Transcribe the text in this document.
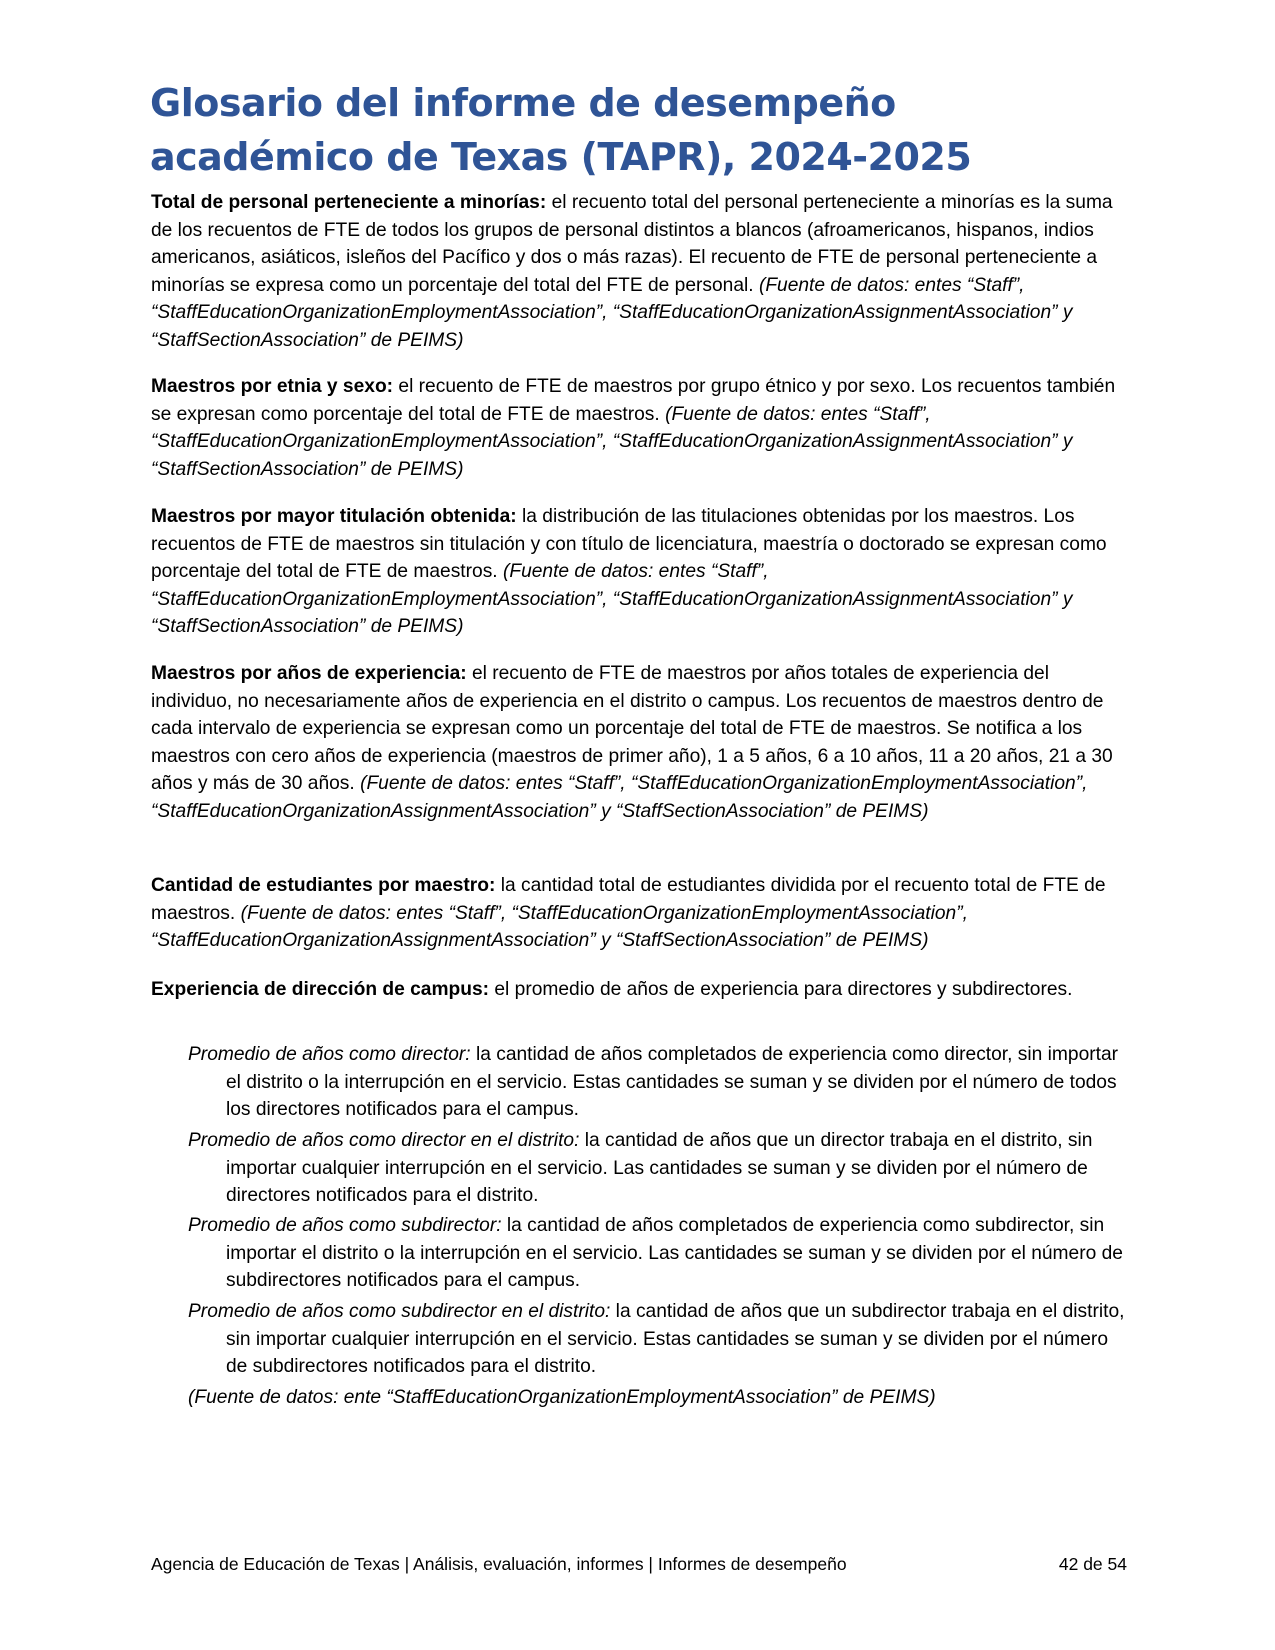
Glosario del informe de desempeño académico de Texas (TAPR), 2024-2025

Total de personal perteneciente a minorías: el recuento total del personal perteneciente a minorías es la suma de los recuentos de FTE de todos los grupos de personal distintos a blancos (afroamericanos, hispanos, indios americanos, asiáticos, isleños del Pacífico y dos o más razas). El recuento de FTE de personal perteneciente a minorías se expresa como un porcentaje del total del FTE de personal. (Fuente de datos: entes “Staff”, “StaffEducationOrganizationEmploymentAssociation”, “StaffEducationOrganizationAssignmentAssociation” y “StaffSectionAssociation” de PEIMS)

Maestros por etnia y sexo: el recuento de FTE de maestros por grupo étnico y por sexo. Los recuentos también se expresan como porcentaje del total de FTE de maestros. (Fuente de datos: entes “Staff”, “StaffEducationOrganizationEmploymentAssociation”, “StaffEducationOrganizationAssignmentAssociation” y “StaffSectionAssociation” de PEIMS)

Maestros por mayor titulación obtenida: la distribución de las titulaciones obtenidas por los maestros. Los recuentos de FTE de maestros sin titulación y con título de licenciatura, maestría o doctorado se expresan como porcentaje del total de FTE de maestros. (Fuente de datos: entes “Staff”, “StaffEducationOrganizationEmploymentAssociation”, “StaffEducationOrganizationAssignmentAssociation” y “StaffSectionAssociation” de PEIMS)

Maestros por años de experiencia: el recuento de FTE de maestros por años totales de experiencia del individuo, no necesariamente años de experiencia en el distrito o campus. Los recuentos de maestros dentro de cada intervalo de experiencia se expresan como un porcentaje del total de FTE de maestros. Se notifica a los maestros con cero años de experiencia (maestros de primer año), 1 a 5 años, 6 a 10 años, 11 a 20 años, 21 a 30 años y más de 30 años. (Fuente de datos: entes “Staff”, “StaffEducationOrganizationEmploymentAssociation”, “StaffEducationOrganizationAssignmentAssociation” y “StaffSectionAssociation” de PEIMS)

Cantidad de estudiantes por maestro: la cantidad total de estudiantes dividida por el recuento total de FTE de maestros. (Fuente de datos: entes “Staff”, “StaffEducationOrganizationEmploymentAssociation”, “StaffEducationOrganizationAssignmentAssociation” y “StaffSectionAssociation” de PEIMS)

Experiencia de dirección de campus: el promedio de años de experiencia para directores y subdirectores.

Promedio de años como director: la cantidad de años completados de experiencia como director, sin importar el distrito o la interrupción en el servicio. Estas cantidades se suman y se dividen por el número de todos los directores notificados para el campus.

Promedio de años como director en el distrito: la cantidad de años que un director trabaja en el distrito, sin importar cualquier interrupción en el servicio. Las cantidades se suman y se dividen por el número de directores notificados para el distrito.

Promedio de años como subdirector: la cantidad de años completados de experiencia como subdirector, sin importar el distrito o la interrupción en el servicio. Las cantidades se suman y se dividen por el número de subdirectores notificados para el campus.

Promedio de años como subdirector en el distrito: la cantidad de años que un subdirector trabaja en el distrito, sin importar cualquier interrupción en el servicio. Estas cantidades se suman y se dividen por el número de subdirectores notificados para el distrito.

(Fuente de datos: ente “StaffEducationOrganizationEmploymentAssociation” de PEIMS)

Agencia de Educación de Texas | Análisis, evaluación, informes | Informes de desempeño	42 de 54
